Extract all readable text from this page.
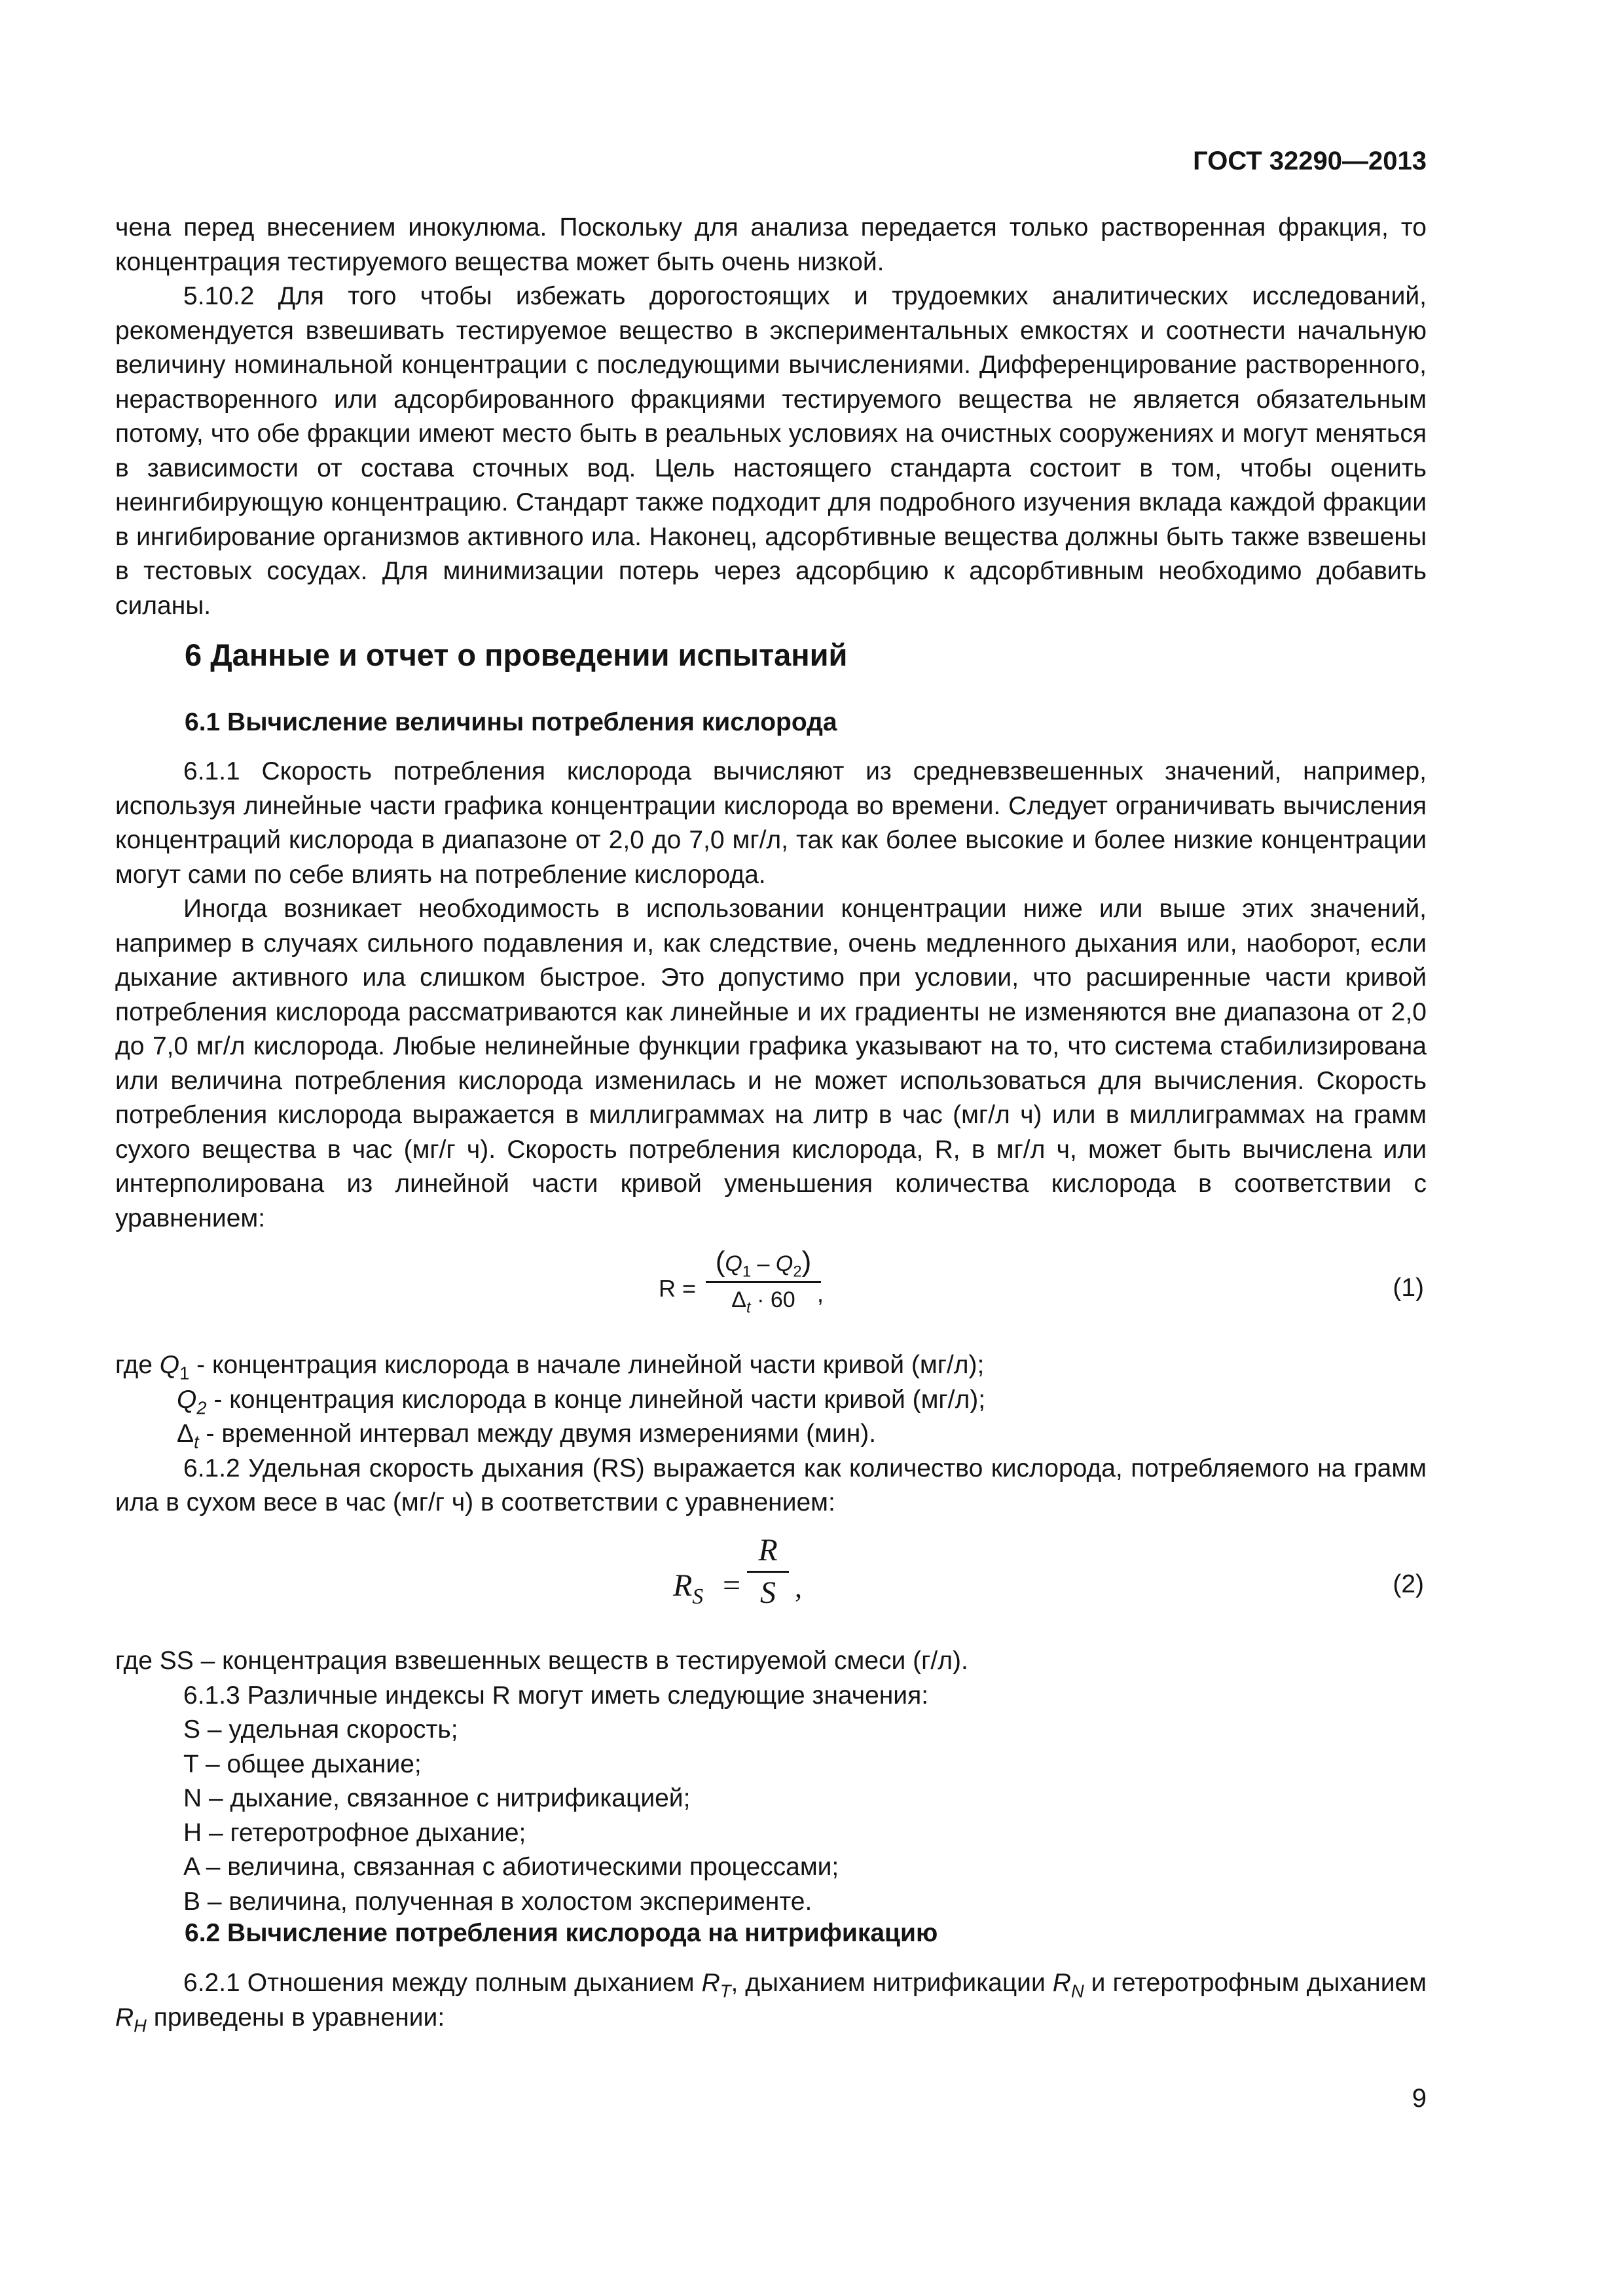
ГОСТ 32290—2013

чена перед внесением инокулюма. Поскольку для анализа передается только растворенная фракция, то концентрация тестируемого вещества может быть очень низкой.

5.10.2 Для того чтобы избежать дорогостоящих и трудоемких аналитических исследований, рекомендуется взвешивать тестируемое вещество в экспериментальных емкостях и соотнести начальную величину номинальной концентрации с последующими вычислениями. Дифференцирование растворенного, нерастворенного или адсорбированного фракциями тестируемого вещества не является обязательным потому, что обе фракции имеют место быть в реальных условиях на очистных сооружениях и могут меняться в зависимости от состава сточных вод. Цель настоящего стандарта состоит в том, чтобы оценить неингибирующую концентрацию. Стандарт также подходит для подробного изучения вклада каждой фракции в ингибирование организмов активного ила. Наконец, адсорбтивные вещества должны быть также взвешены в тестовых сосудах. Для минимизации потерь через адсорбцию к адсорбтивным необходимо добавить силаны.

6 Данные и отчет о проведении испытаний
6.1 Вычисление величины потребления кислорода

6.1.1 Скорость потребления кислорода вычисляют из средневзвешенных значений, например, используя линейные части графика концентрации кислорода во времени. Следует ограничивать вычисления концентраций кислорода в диапазоне от 2,0 до 7,0 мг/л, так как более высокие и более низкие концентрации могут сами по себе влиять на потребление кислорода.

Иногда возникает необходимость в использовании концентрации ниже или выше этих значений, например в случаях сильного подавления и, как следствие, очень медленного дыхания или, наоборот, если дыхание активного ила слишком быстрое. Это допустимо при условии, что расширенные части кривой потребления кислорода рассматриваются как линейные и их градиенты не изменяются вне диапазона от 2,0 до 7,0 мг/л кислорода. Любые нелинейные функции графика указывают на то, что система стабилизирована или величина потребления кислорода изменилась и не может использоваться для вычисления. Скорость потребления кислорода выражается в миллиграммах на литр в час (мг/л ч) или в миллиграммах на грамм сухого вещества в час (мг/г ч). Скорость потребления кислорода, R, в мг/л ч, может быть вычислена или интерполирована из линейной части кривой уменьшения количества кислорода в соответствии с уравнением:

R =
$(Q_1 - Q_2)$
$\Delta_t \cdot 60$ ,	(1)

где $Q_1$ - концентрация кислорода в начале линейной части кривой (мг/л);

$Q_2$ - концентрация кислорода в конце линейной части кривой (мг/л);

$\Delta_t$ - временной интервал между двумя измерениями (мин).

6.1.2 Удельная скорость дыхания (RS) выражается как количество кислорода, потребляемого на грамм ила в сухом весе в час (мг/г ч) в соответствии с уравнением:

$R_S$ =
R
S ,	(2)

где SS – концентрация взвешенных веществ в тестируемой смеси (г/л).

6.1.3 Различные индексы R могут иметь следующие значения:

S – удельная скорость;

T – общее дыхание;

N – дыхание, связанное с нитрификацией;

H – гетеротрофное дыхание;

A – величина, связанная с абиотическими процессами;

B – величина, полученная в холостом эксперименте.

6.2 Вычисление потребления кислорода на нитрификацию

6.2.1 Отношения между полным дыханием $R_T$, дыханием нитрификации $R_N$ и гетеротрофным дыханием $R_H$ приведены в уравнении:

9
